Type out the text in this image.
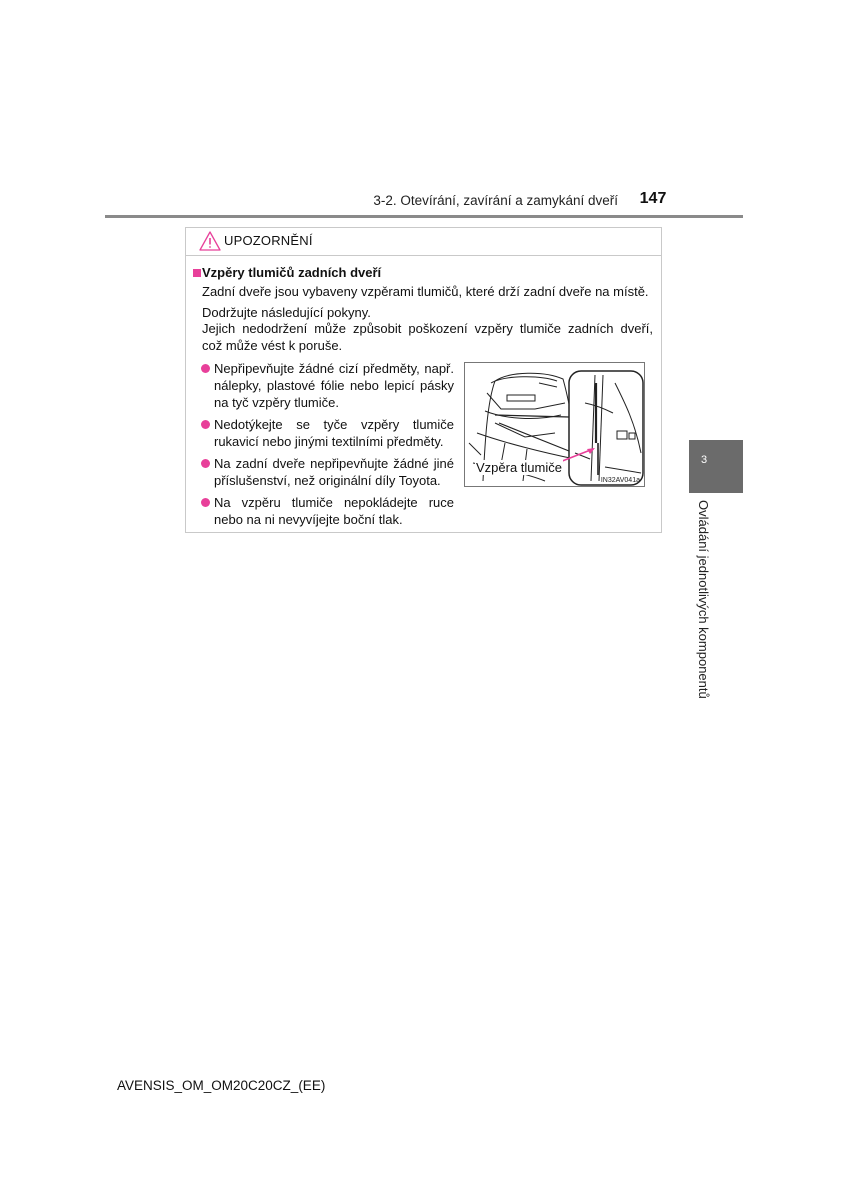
3-2. Otevírání, zavírání a zamykání dveří	147
UPOZORNĚNÍ
Vzpěry tlumičů zadních dveří
Zadní dveře jsou vybaveny vzpěrami tlumičů, které drží zadní dveře na místě.
Dodržujte následující pokyny.
Jejich nedodržení může způsobit poškození vzpěry tlumiče zadních dveří,
což může vést k poruše.
Nepřipevňujte žádné cizí předměty, např. nálepky, plastové fólie nebo lepicí pásky na tyč vzpěry tlumiče.
Nedotýkejte se tyče vzpěry tlumiče rukavicí nebo jinými textilními předměty.
Na zadní dveře nepřipevňujte žádné jiné příslušenství, než originální díly Toyota.
Na vzpěru tlumiče nepokládejte ruce nebo na ni nevyvíjejte boční tlak.
Vzpěra tlumiče
IN32AV041a
3
Ovládání jednotlivých komponentů
AVENSIS_OM_OM20C20CZ_(EE)
